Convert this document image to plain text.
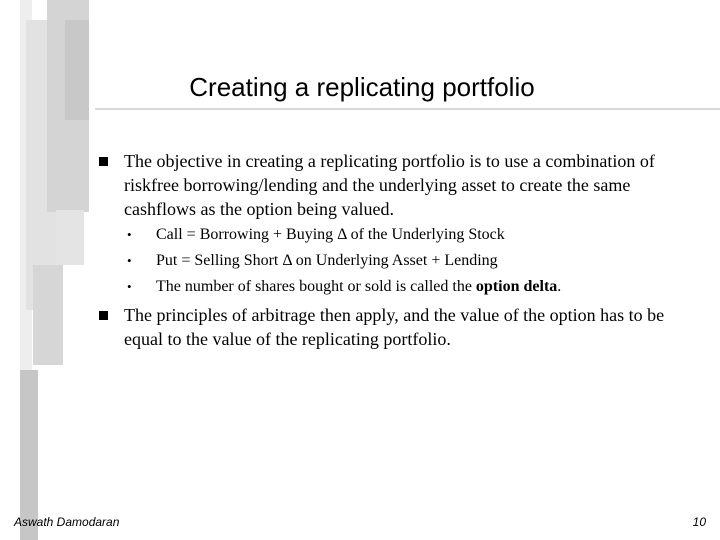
Creating a replicating portfolio
The objective in creating a replicating portfolio is to use a combination of riskfree borrowing/lending and the underlying asset to create the same cashflows as the option being valued.
• Call = Borrowing + Buying Δ of the Underlying Stock
• Put = Selling Short Δ on Underlying Asset + Lending
• The number of shares bought or sold is called the option delta.
The principles of arbitrage then apply, and the value of the option has to be equal to the value of the replicating portfolio.
Aswath Damodaran	10
